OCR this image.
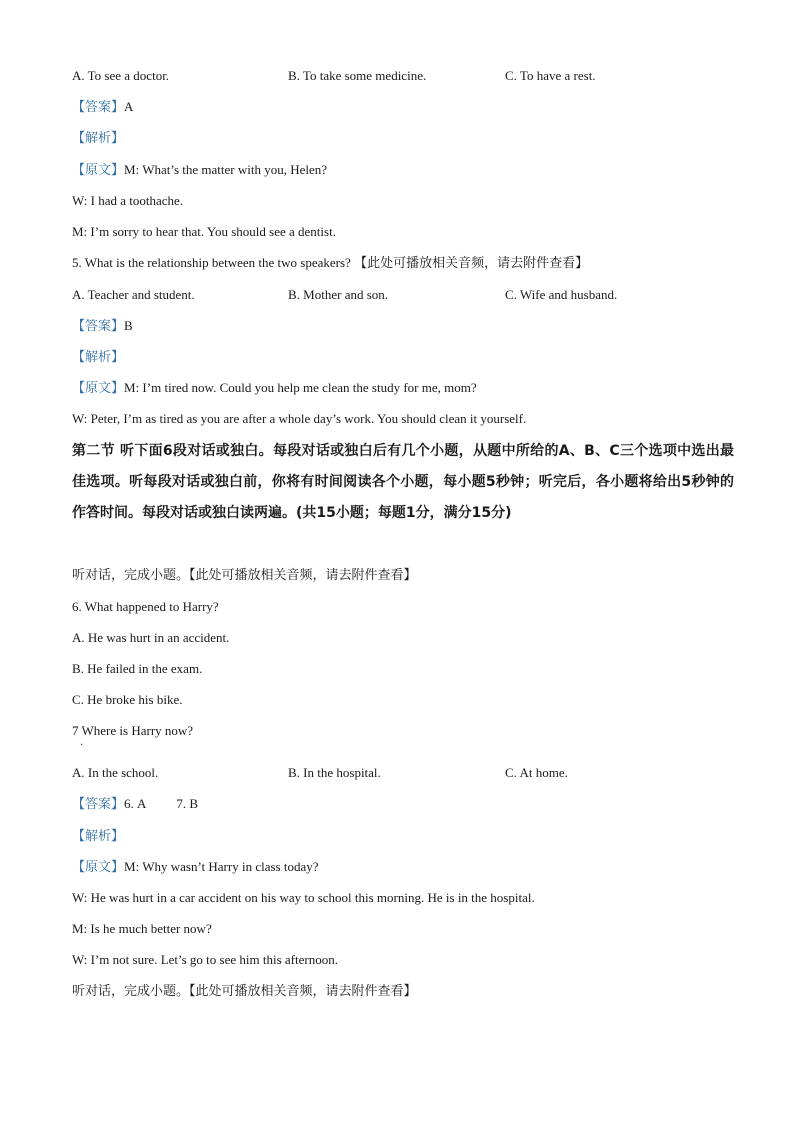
A. To see a doctor.	B. To take some medicine.	C. To have a rest.
【答案】A
【解析】
【原文】M: What’s the matter with you, Helen?
W: I had a toothache.
M: I’m sorry to hear that. You should see a dentist.
5. What is the relationship between the two speakers? 【此处可播放相关音频，请去附件查看】
A. Teacher and student.	B. Mother and son.	C. Wife and husband.
【答案】B
【解析】
【原文】M: I’m tired now. Could you help me clean the study for me, mom?
W: Peter, I’m as tired as you are after a whole day’s work. You should clean it yourself.
第二节 听下面6段对话或独白。每段对话或独白后有几个小题，从题中所给的A、B、C三个选项中选出最佳选项。听每段对话或独白前，你将有时间阅读各个小题，每小题5秒钟；听完后，各小题将给出5秒钟的作答时间。每段对话或独白读两遍。(共15小题；每题1分，满分15分)
听对话，完成小题。【此处可播放相关音频，请去附件查看】
6. What happened to Harry?
A. He was hurt in an accident.
B. He failed in the exam.
C. He broke his bike.
7 Where is Harry now?
·
A. In the school.	B. In the hospital.	C. At home.
【答案】6. A 7. B
【解析】
【原文】M: Why wasn’t Harry in class today?
W: He was hurt in a car accident on his way to school this morning. He is in the hospital.
M: Is he much better now?
W: I’m not sure. Let’s go to see him this afternoon.
听对话，完成小题。【此处可播放相关音频，请去附件查看】
